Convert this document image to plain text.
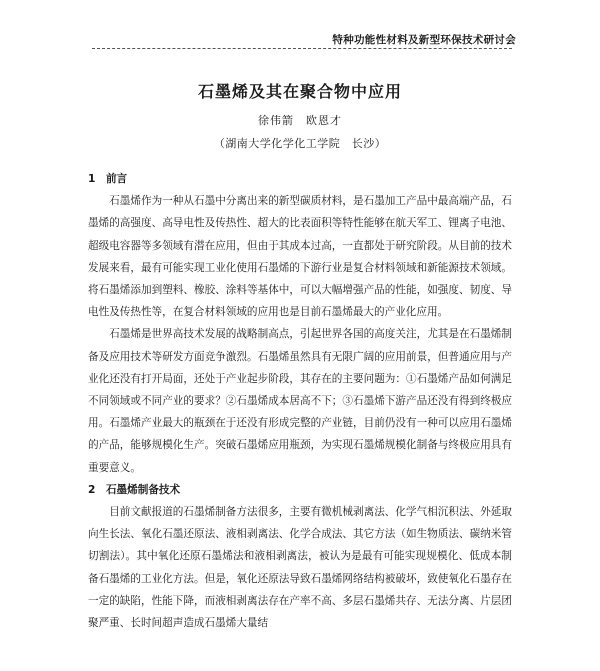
特种功能性材料及新型环保技术研讨会
石墨烯及其在聚合物中应用
徐伟箭　欧恩才
（湖南大学化学化工学院　长沙）
1　前言

石墨烯作为一种从石墨中分离出来的新型碳质材料，是石墨加工产品中最高端产品，石墨烯的高强度、高导电性及传热性、超大的比表面积等特性能够在航天军工、锂离子电池、超级电容器等多领域有潜在应用，但由于其成本过高，一直都处于研究阶段。从目前的技术发展来看，最有可能实现工业化使用石墨烯的下游行业是复合材料领域和新能源技术领域。将石墨烯添加到塑料、橡胶、涂料等基体中，可以大幅增强产品的性能，如强度、韧度、导电性及传热性等，在复合材料领域的应用也是目前石墨烯最大的产业化应用。

石墨烯是世界高技术发展的战略制高点，引起世界各国的高度关注，尤其是在石墨烯制备及应用技术等研发方面竞争激烈。石墨烯虽然具有无限广阔的应用前景，但普通应用与产业化还没有打开局面，还处于产业起步阶段，其存在的主要问题为：①石墨烯产品如何满足不同领域或不同产业的要求？②石墨烯成本居高不下；③石墨烯下游产品还没有得到终极应用。石墨烯产业最大的瓶颈在于还没有形成完整的产业链，目前仍没有一种可以应用石墨烯的产品，能够规模化生产。突破石墨烯应用瓶颈，为实现石墨烯规模化制备与终极应用具有重要意义。

2　石墨烯制备技术

目前文献报道的石墨烯制备方法很多，主要有微机械剥离法、化学气相沉积法、外延取向生长法、氧化石墨还原法、液相剥离法、化学合成法、其它方法（如生物质法、碳纳米管切割法）。其中氧化还原石墨烯法和液相剥离法，被认为是最有可能实现规模化、低成本制备石墨烯的工业化方法。但是，氧化还原法导致石墨烯网络结构被破坏，致使氧化石墨存在一定的缺陷，性能下降，而液相剥离法存在产率不高、多层石墨烯共存、无法分离、片层团聚严重、长时间超声造成石墨烯大量结
